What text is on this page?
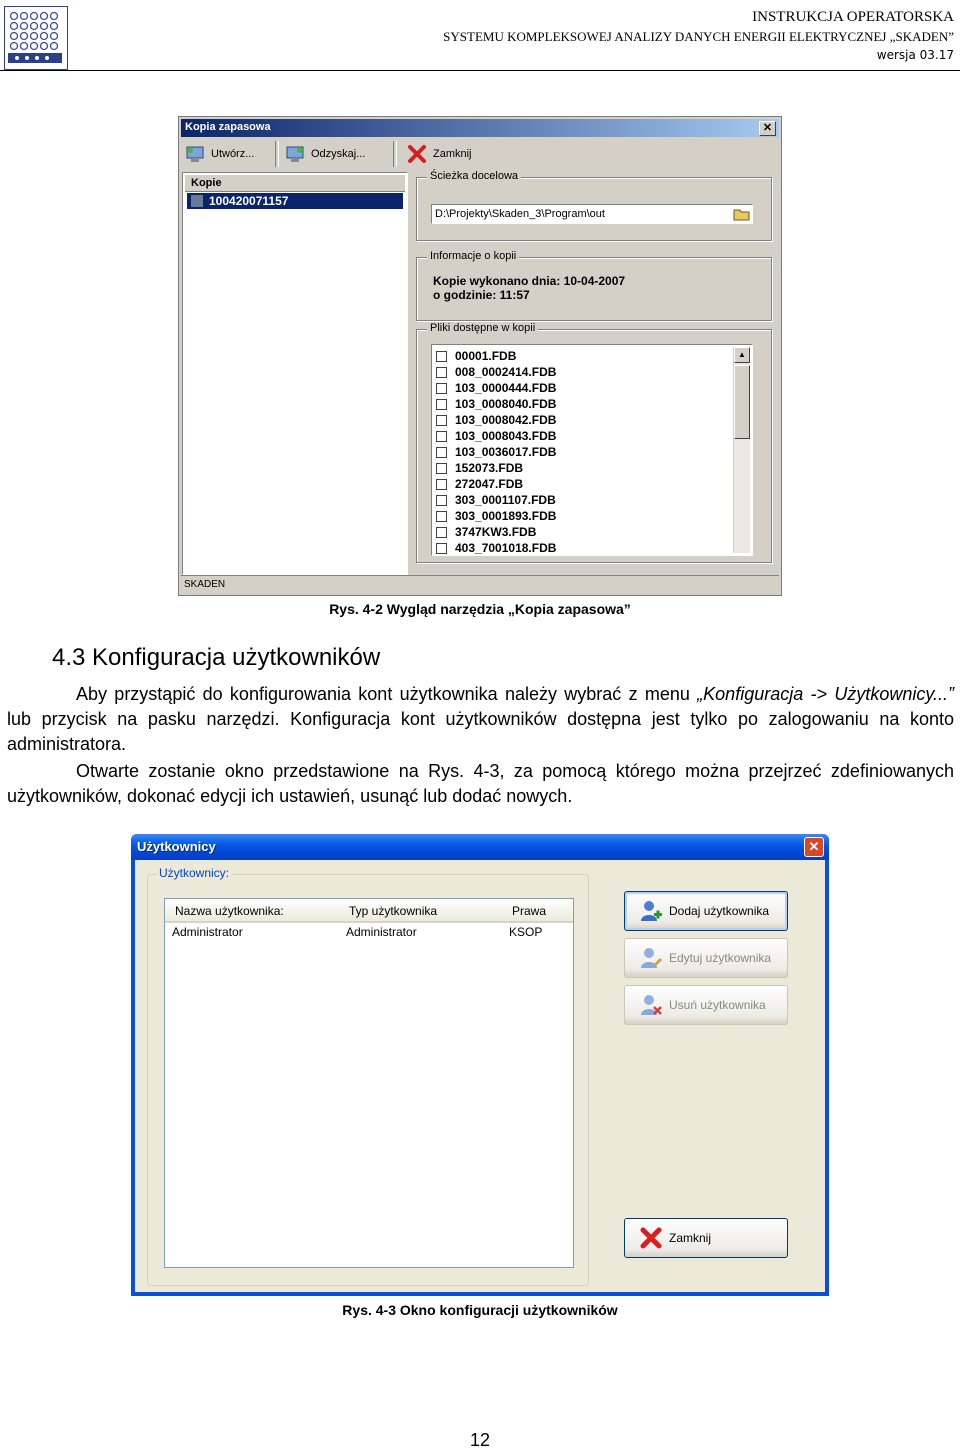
INSTRUKCJA OPERATORSKA
SYSTEMU KOMPLEKSOWEJ ANALIZY DANYCH ENERGII ELEKTRYCZNEJ „SKADEN”
wersja 03.17
Kopia zapasowa	✕
Utwórz...	Odzyskaj...	Zamknij
Kopie
100420071157
Ścieżka docelowa
D:\Projekty\Skaden_3\Program\out
Informacje o kopii
Kopie wykonano dnia: 10-04-2007
o godzinie: 11:57
Pliki dostępne w kopii
00001.FDB
008_0002414.FDB
103_0000444.FDB
103_0008040.FDB
103_0008042.FDB
103_0008043.FDB
103_0036017.FDB
152073.FDB
272047.FDB
303_0001107.FDB
303_0001893.FDB
3747KW3.FDB
403_7001018.FDB
▲
SKADEN
Rys. 4-2 Wygląd narzędzia „Kopia zapasowa”
4.3 Konfiguracja użytkowników
Aby przystąpić do konfigurowania kont użytkownika należy wybrać z menu „Konfiguracja -> Użytkownicy...” lub przycisk na pasku narzędzi. Konfiguracja kont użytkowników dostępna jest tylko po zalogowaniu na konto administratora.
Otwarte zostanie okno przedstawione na Rys. 4-3, za pomocą którego można przejrzeć zdefiniowanych użytkowników, dokonać edycji ich ustawień, usunąć lub dodać nowych.
Użytkownicy	✕
Użytkownicy:
Nazwa użytkownika:	Typ użytkownika	Prawa
Administrator	Administrator	KSOP
Dodaj użytkownika
Edytuj użytkownika
Usuń użytkownika
Zamknij
Rys. 4-3 Okno konfiguracji użytkowników
12
